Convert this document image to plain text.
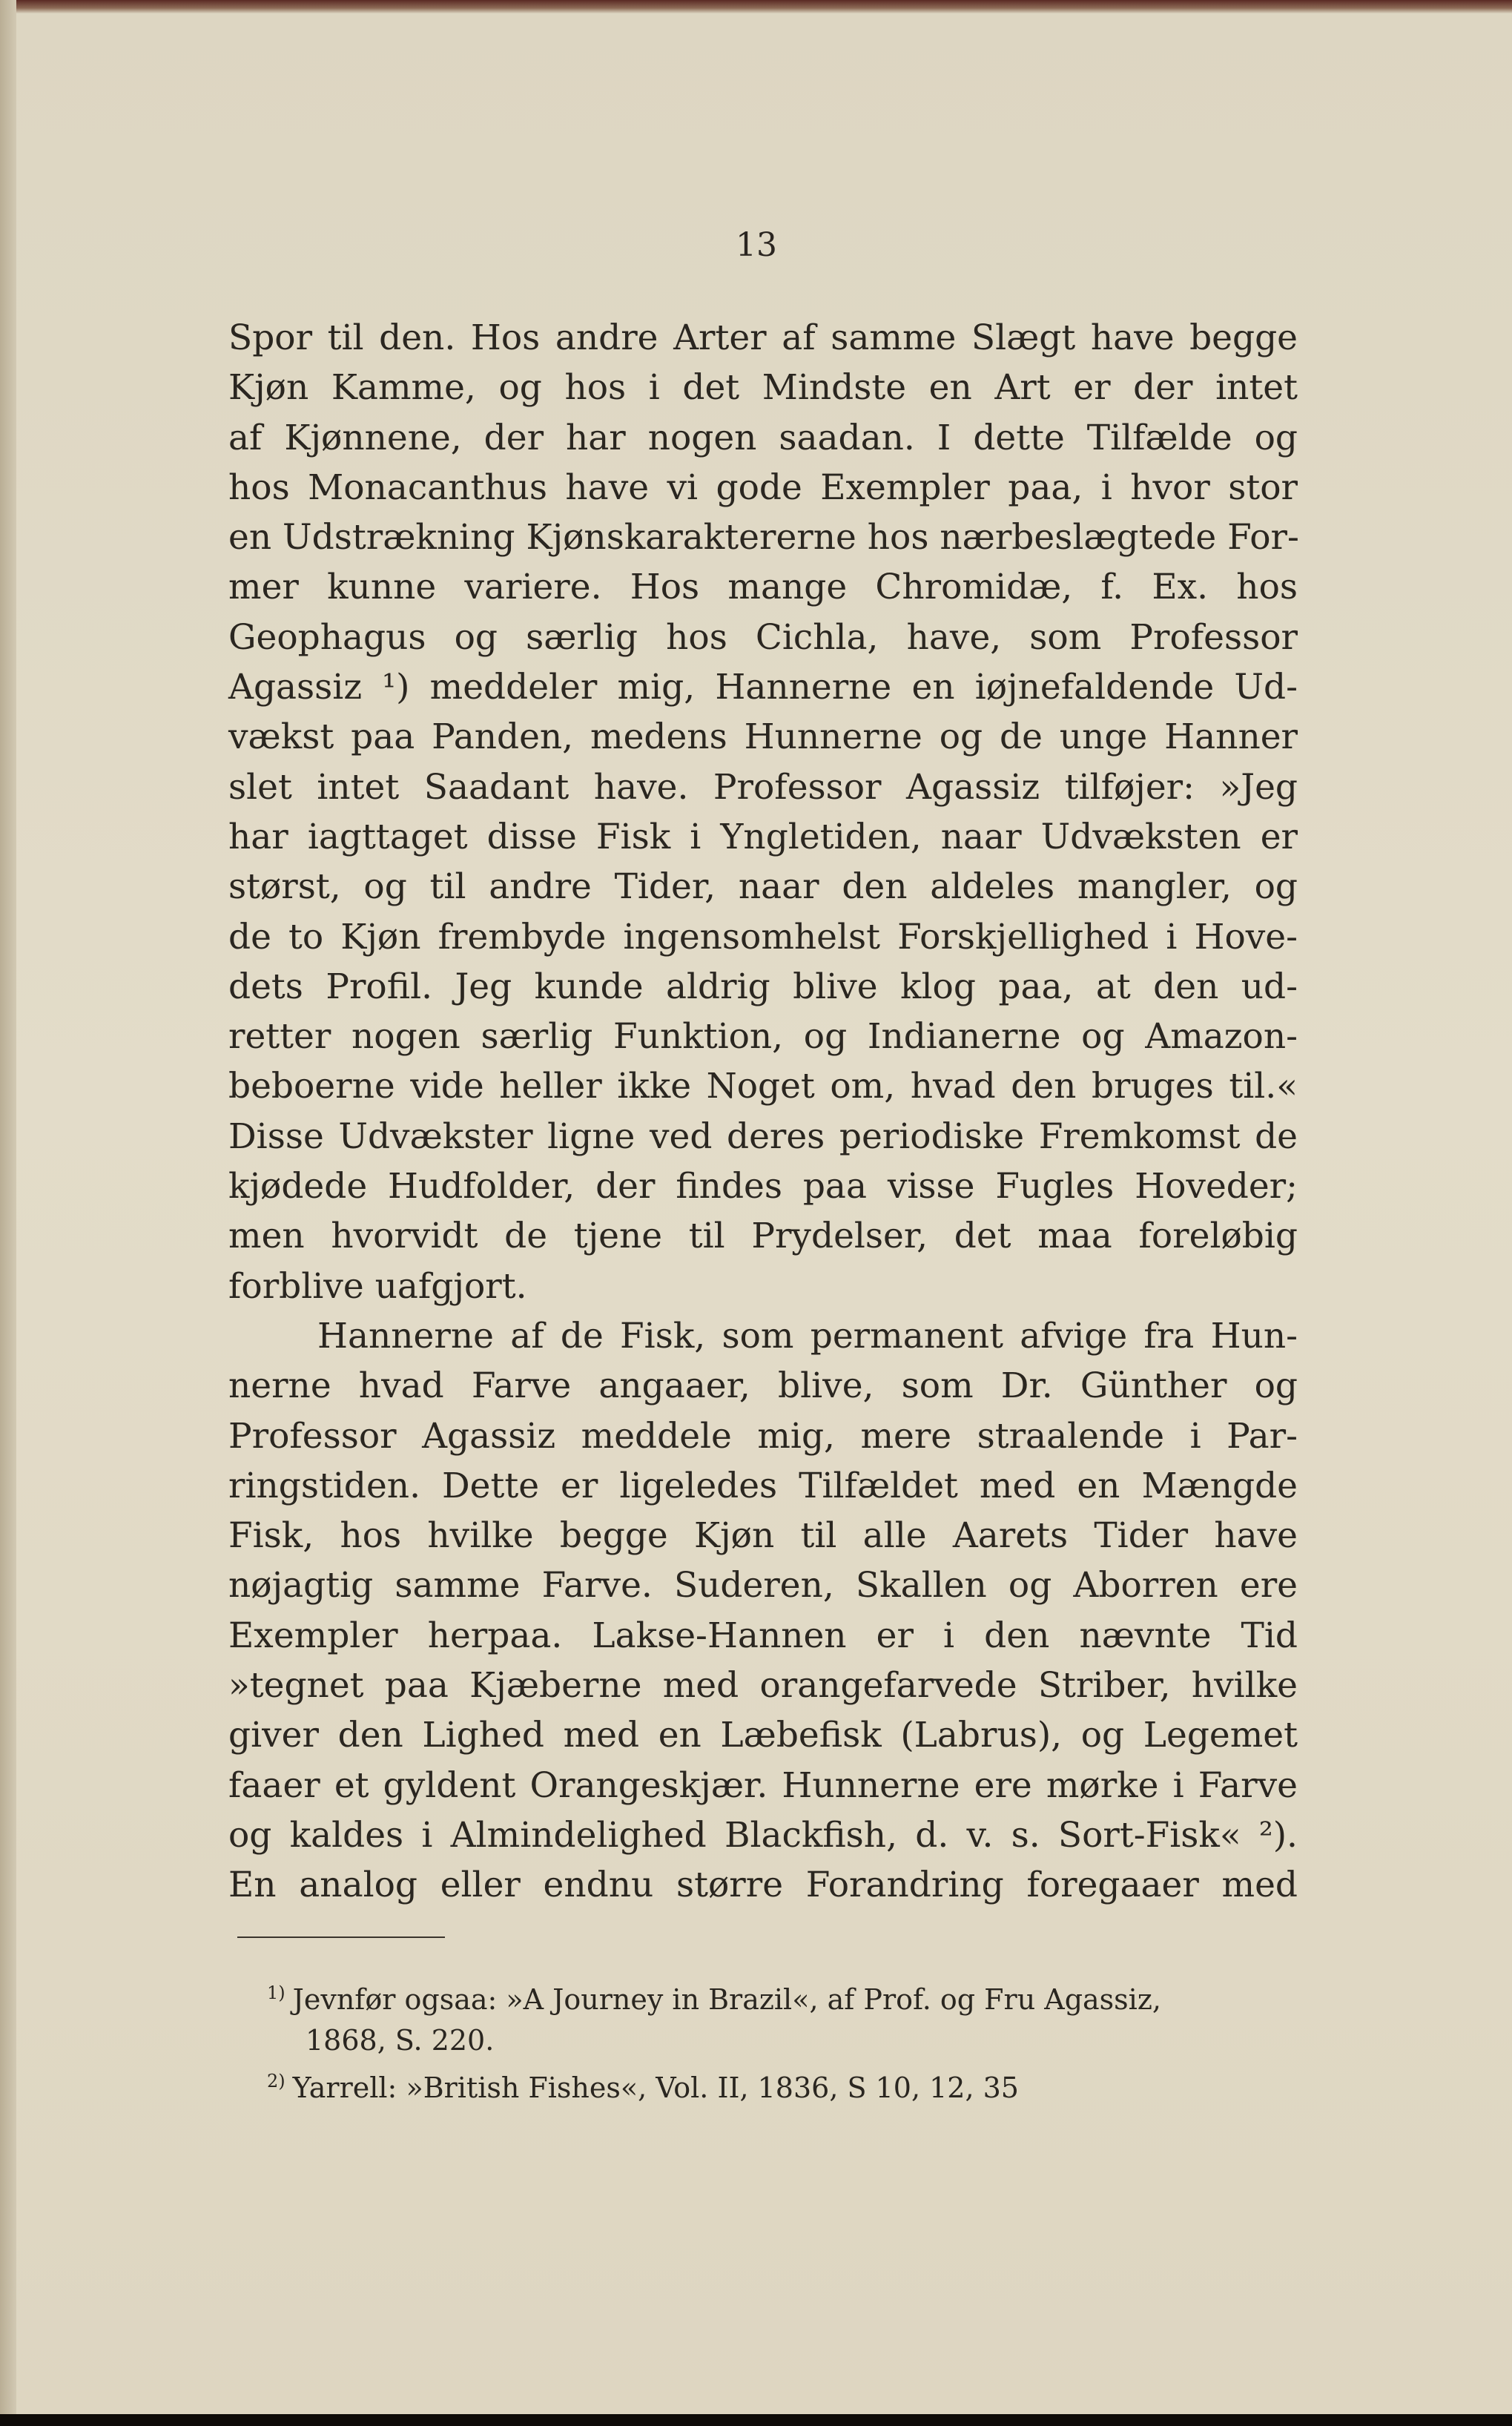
13
Spor til den. Hos andre Arter af samme Slægt have begge
Kjøn Kamme, og hos i det Mindste en Art er der intet
af Kjønnene, der har nogen saadan. I dette Tilfælde og
hos Monacanthus have vi gode Exempler paa, i hvor stor
en Udstrækning Kjønskaraktererne hos nærbeslægtede For-
mer kunne variere. Hos mange Chromidæ, f. Ex. hos
Geophagus og særlig hos Cichla, have, som Professor
Agassiz ¹) meddeler mig, Hannerne en iøjnefaldende Ud-
vækst paa Panden, medens Hunnerne og de unge Hanner
slet intet Saadant have. Professor Agassiz tilføjer: »Jeg
har iagttaget disse Fisk i Yngletiden, naar Udvæksten er
størst, og til andre Tider, naar den aldeles mangler, og
de to Kjøn frembyde ingensomhelst Forskjellighed i Hove-
dets Profil. Jeg kunde aldrig blive klog paa, at den ud-
retter nogen særlig Funktion, og Indianerne og Amazon-
beboerne vide heller ikke Noget om, hvad den bruges til.«
Disse Udvækster ligne ved deres periodiske Fremkomst de
kjødede Hudfolder, der findes paa visse Fugles Hoveder;
men hvorvidt de tjene til Prydelser, det maa foreløbig
forblive uafgjort.
Hannerne af de Fisk, som permanent afvige fra Hun-
nerne hvad Farve angaaer, blive, som Dr. Günther og
Professor Agassiz meddele mig, mere straalende i Par-
ringstiden. Dette er ligeledes Tilfældet med en Mængde
Fisk, hos hvilke begge Kjøn til alle Aarets Tider have
nøjagtig samme Farve. Suderen, Skallen og Aborren ere
Exempler herpaa. Lakse-Hannen er i den nævnte Tid
»tegnet paa Kjæberne med orangefarvede Striber, hvilke
giver den Lighed med en Læbefisk (Labrus), og Legemet
faaer et gyldent Orangeskjær. Hunnerne ere mørke i Farve
og kaldes i Almindelighed Blackfish, d. v. s. Sort-Fisk« ²).
En analog eller endnu større Forandring foregaaer med
$^{1)}$ Jevnfør ogsaa: »A Journey in Brazil«, af Prof. og Fru Agassiz,
1868, S. 220.
$^{2)}$ Yarrell: »British Fishes«, Vol. II, 1836, S 10, 12, 35
